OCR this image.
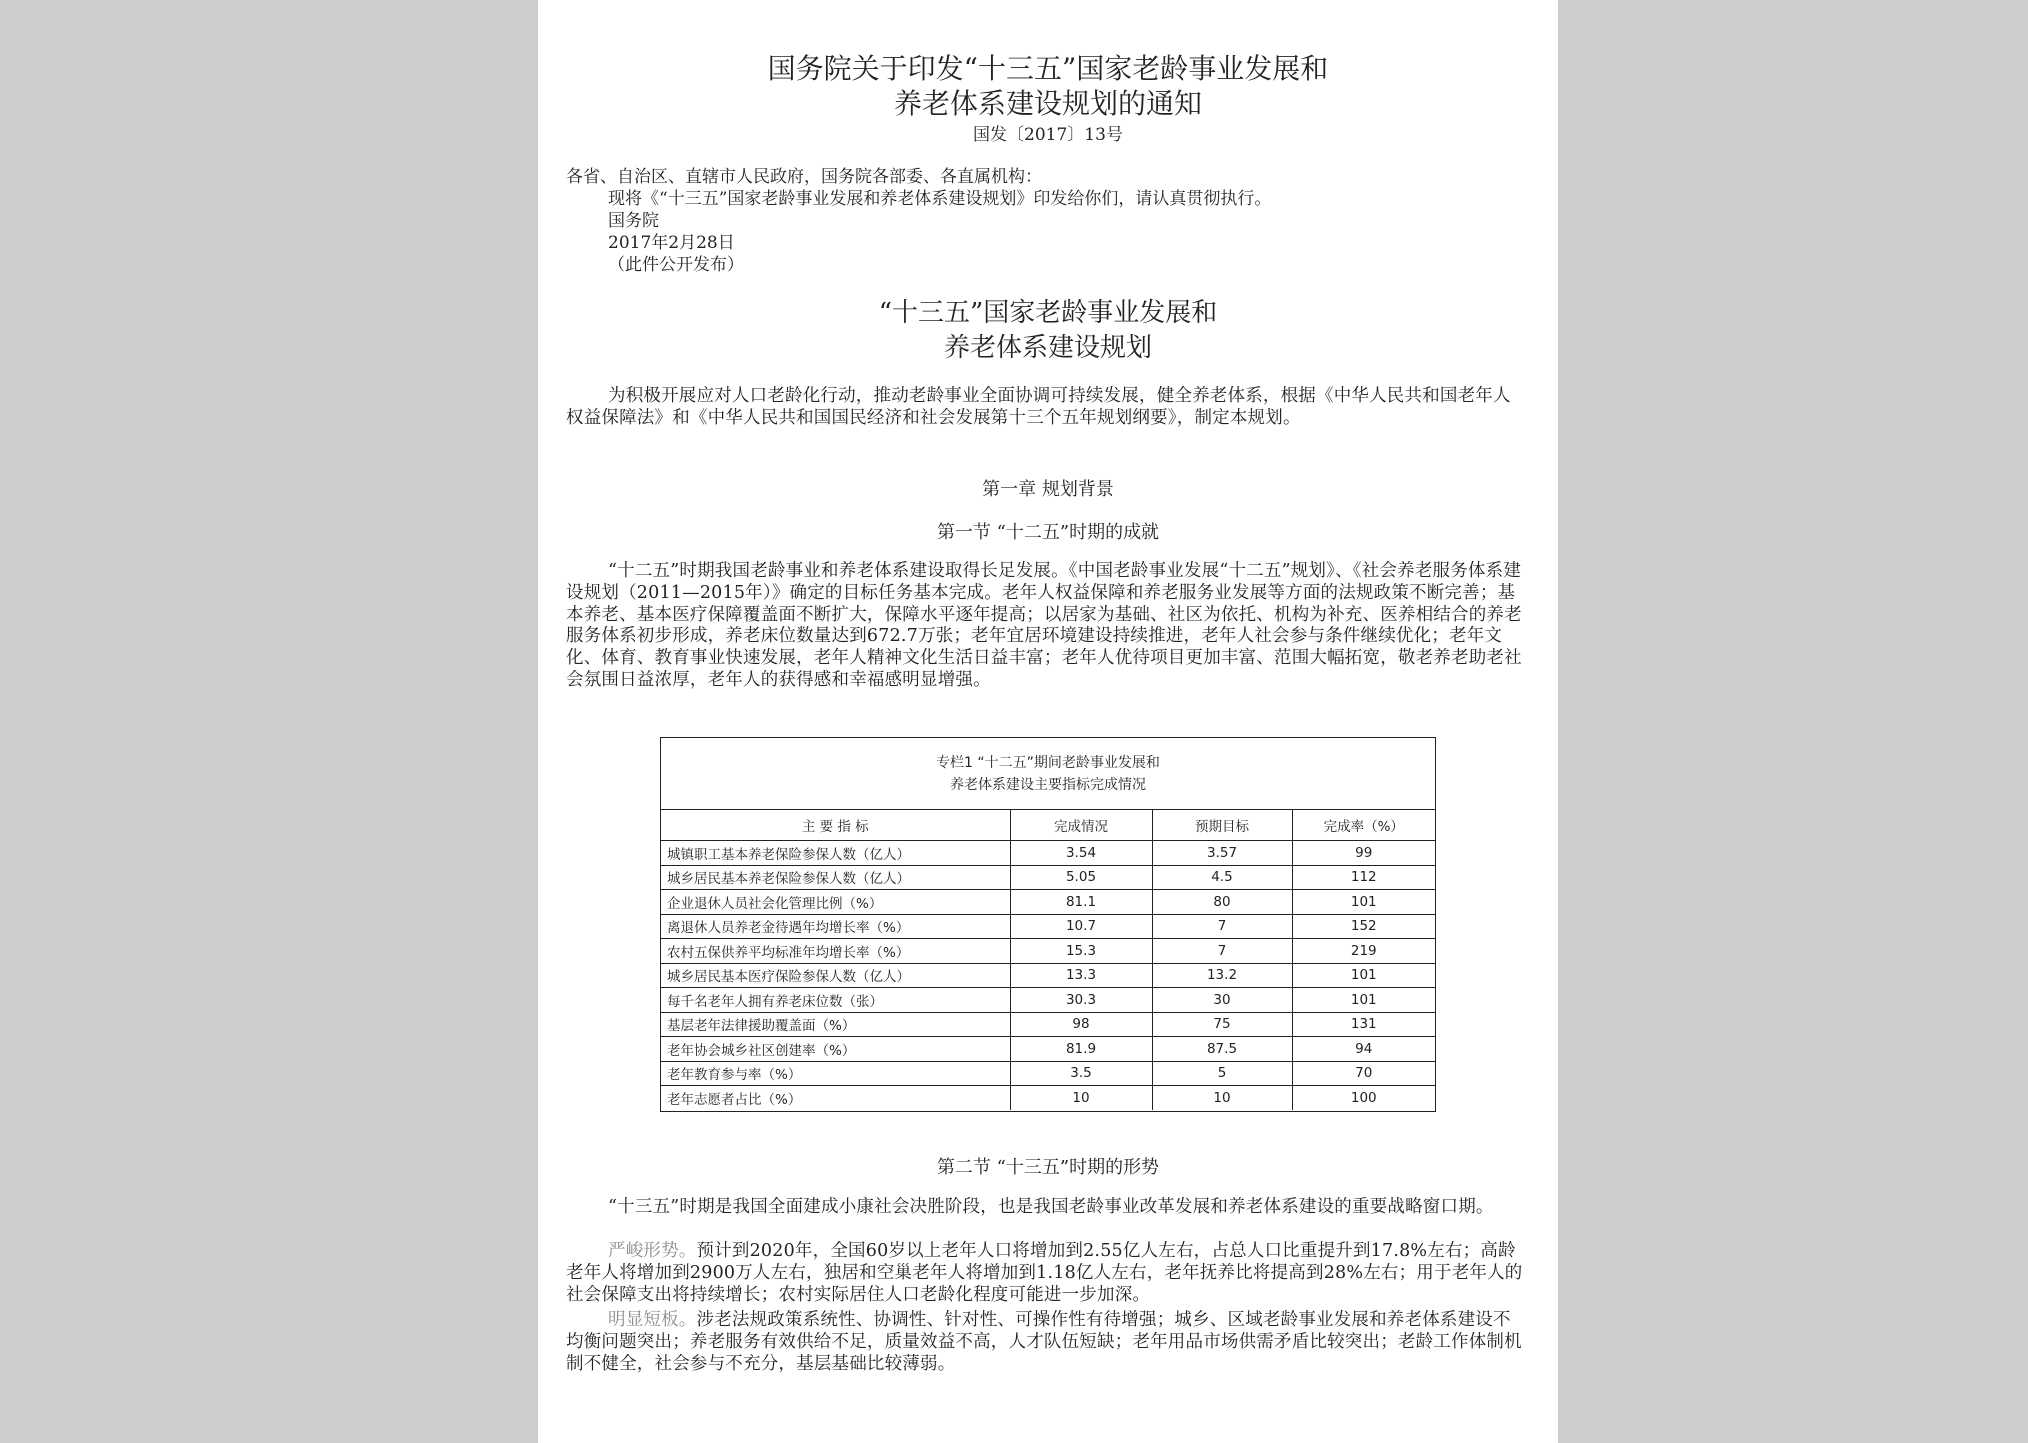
国务院关于印发“十三五”国家老龄事业发展和
养老体系建设规划的通知
国发〔2017〕13号
各省、自治区、直辖市人民政府，国务院各部委、各直属机构：
现将《“十三五”国家老龄事业发展和养老体系建设规划》印发给你们，请认真贯彻执行。
国务院
2017年2月28日
（此件公开发布）
“十三五”国家老龄事业发展和
养老体系建设规划
为积极开展应对人口老龄化行动，推动老龄事业全面协调可持续发展，健全养老体系，根据《中华人民共和国老年人权益保障法》和《中华人民共和国国民经济和社会发展第十三个五年规划纲要》，制定本规划。
第一章 规划背景
第一节 “十二五”时期的成就
“十二五”时期我国老龄事业和养老体系建设取得长足发展。《中国老龄事业发展“十二五”规划》、《社会养老服务体系建设规划（2011—2015年）》确定的目标任务基本完成。老年人权益保障和养老服务业发展等方面的法规政策不断完善；基本养老、基本医疗保障覆盖面不断扩大，保障水平逐年提高；以居家为基础、社区为依托、机构为补充、医养相结合的养老服务体系初步形成，养老床位数量达到672.7万张；老年宜居环境建设持续推进，老年人社会参与条件继续优化；老年文化、体育、教育事业快速发展，老年人精神文化生活日益丰富；老年人优待项目更加丰富、范围大幅拓宽，敬老养老助老社会氛围日益浓厚，老年人的获得感和幸福感明显增强。
专栏1 “十二五”期间老龄事业发展和
养老体系建设主要指标完成情况
主 要 指 标	完成情况	预期目标	完成率（%）
城镇职工基本养老保险参保人数（亿人）	3.54	3.57	99
城乡居民基本养老保险参保人数（亿人）	5.05	4.5	112
企业退休人员社会化管理比例（%）	81.1	80	101
离退休人员养老金待遇年均增长率（%）	10.7	7	152
农村五保供养平均标准年均增长率（%）	15.3	7	219
城乡居民基本医疗保险参保人数（亿人）	13.3	13.2	101
每千名老年人拥有养老床位数（张）	30.3	30	101
基层老年法律援助覆盖面（%）	98	75	131
老年协会城乡社区创建率（%）	81.9	87.5	94
老年教育参与率（%）	3.5	5	70
老年志愿者占比（%）	10	10	100
第二节 “十三五”时期的形势
“十三五”时期是我国全面建成小康社会决胜阶段，也是我国老龄事业改革发展和养老体系建设的重要战略窗口期。
严峻形势。预计到2020年，全国60岁以上老年人口将增加到2.55亿人左右，占总人口比重提升到17.8%左右；高龄老年人将增加到2900万人左右，独居和空巢老年人将增加到1.18亿人左右，老年抚养比将提高到28%左右；用于老年人的社会保障支出将持续增长；农村实际居住人口老龄化程度可能进一步加深。
明显短板。涉老法规政策系统性、协调性、针对性、可操作性有待增强；城乡、区域老龄事业发展和养老体系建设不均衡问题突出；养老服务有效供给不足，质量效益不高，人才队伍短缺；老年用品市场供需矛盾比较突出；老龄工作体制机制不健全，社会参与不充分，基层基础比较薄弱。
